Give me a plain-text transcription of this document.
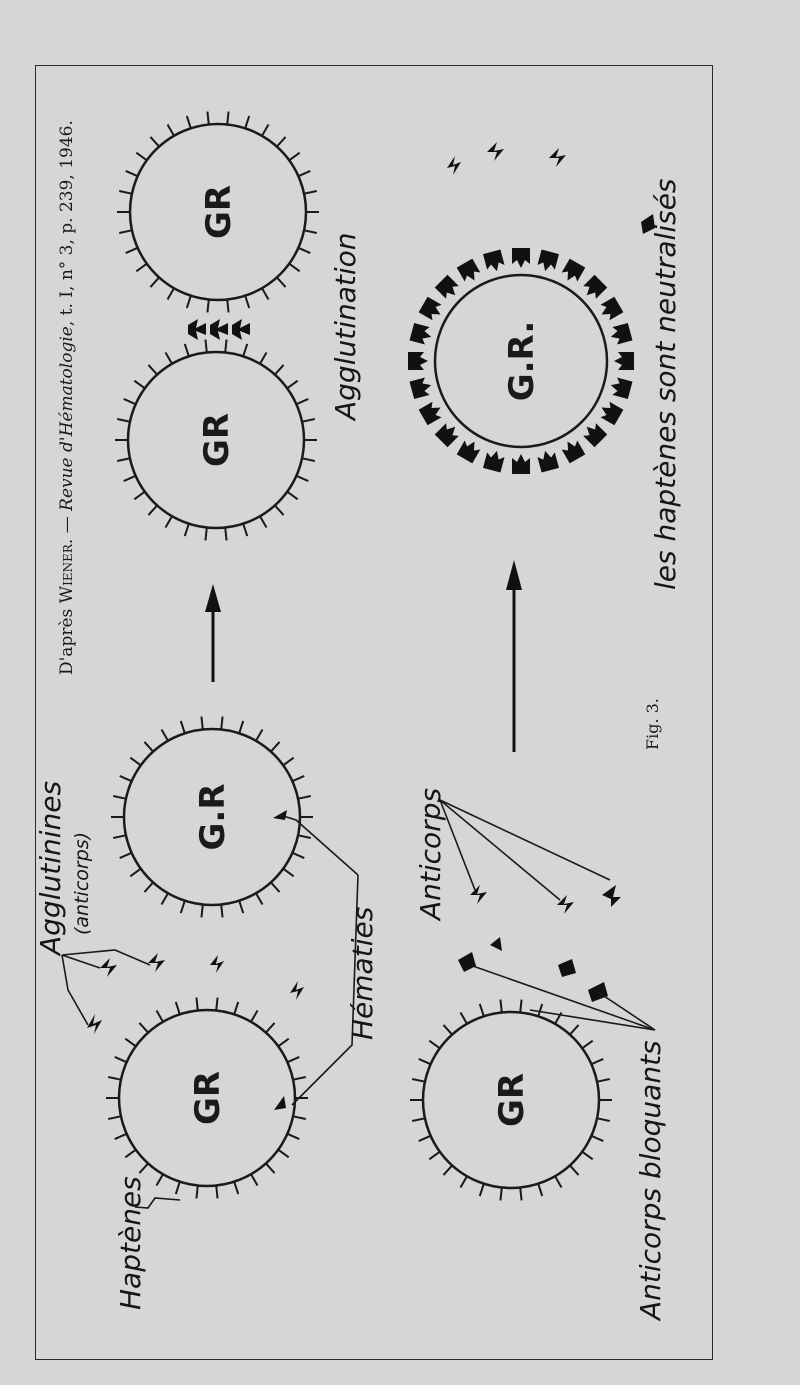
D'après Wiener. — Revue d'Hématologie, t. I, n° 3, p. 239, 1946.
Fig. 3.
GR
G.R
GR
GR
GR
G.R.
Haptènes
Agglutinines (anticorps)
Hématies
Agglutination
Anticorps
Anticorps bloquants
les haptènes sont neutralisés
